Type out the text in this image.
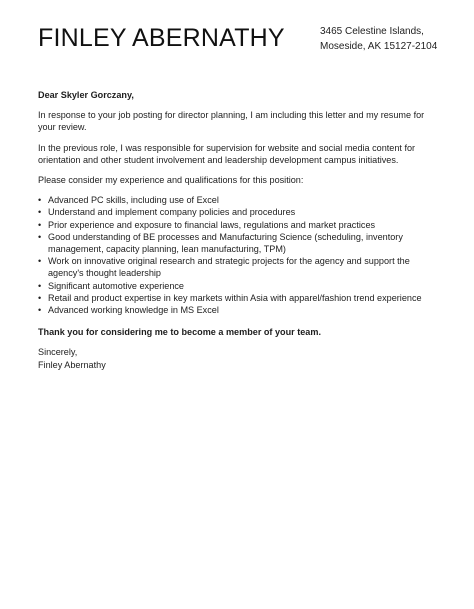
FINLEY ABERNATHY	3465 Celestine Islands,
Moseside, AK 15127-2104

Dear Skyler Gorczany,

In response to your job posting for director planning, I am including this letter and my resume for your review.

In the previous role, I was responsible for supervision for website and social media content for orientation and other student involvement and leadership development campus initiatives.

Please consider my experience and qualifications for this position:

• Advanced PC skills, including use of Excel
• Understand and implement company policies and procedures
• Prior experience and exposure to financial laws, regulations and market practices
• Good understanding of BE processes and Manufacturing Science (scheduling, inventory management, capacity planning, lean manufacturing, TPM)
• Work on innovative original research and strategic projects for the agency and support the agency's thought leadership
• Significant automotive experience
• Retail and product expertise in key markets within Asia with apparel/fashion trend experience
• Advanced working knowledge in MS Excel

Thank you for considering me to become a member of your team.

Sincerely,
Finley Abernathy
